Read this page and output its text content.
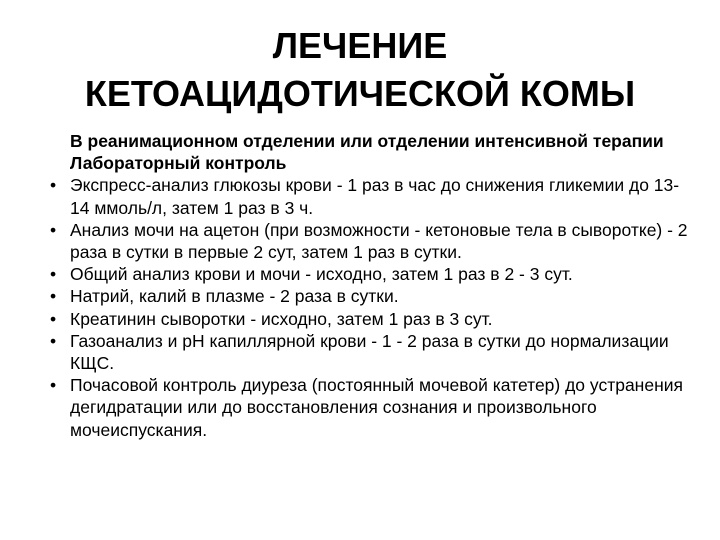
ЛЕЧЕНИЕ
КЕТОАЦИДОТИЧЕСКОЙ КОМЫ

В реанимационном отделении или отделении интенсивной терапии Лабораторный контроль

• Экспресс-анализ глюкозы крови - 1 раз в час до снижения гликемии до 13-14 ммоль/л, затем 1 раз в 3 ч.
• Анализ мочи на ацетон (при возможности - кетоновые тела в сыворотке) - 2 раза в сутки в первые 2 сут, затем 1 раз в сутки.
• Общий анализ крови и мочи - исходно, затем 1 раз в 2 - 3 сут.
• Натрий, калий в плазме - 2 раза в сутки.
• Креатинин сыворотки - исходно, затем 1 раз в 3 сут.
• Газоанализ и pH капиллярной крови - 1 - 2 раза в сутки до нормализации КЩС.
• Почасовой контроль диуреза (постоянный мочевой катетер) до устранения дегидратации или до восстановления сознания и произвольного мочеиспускания.
